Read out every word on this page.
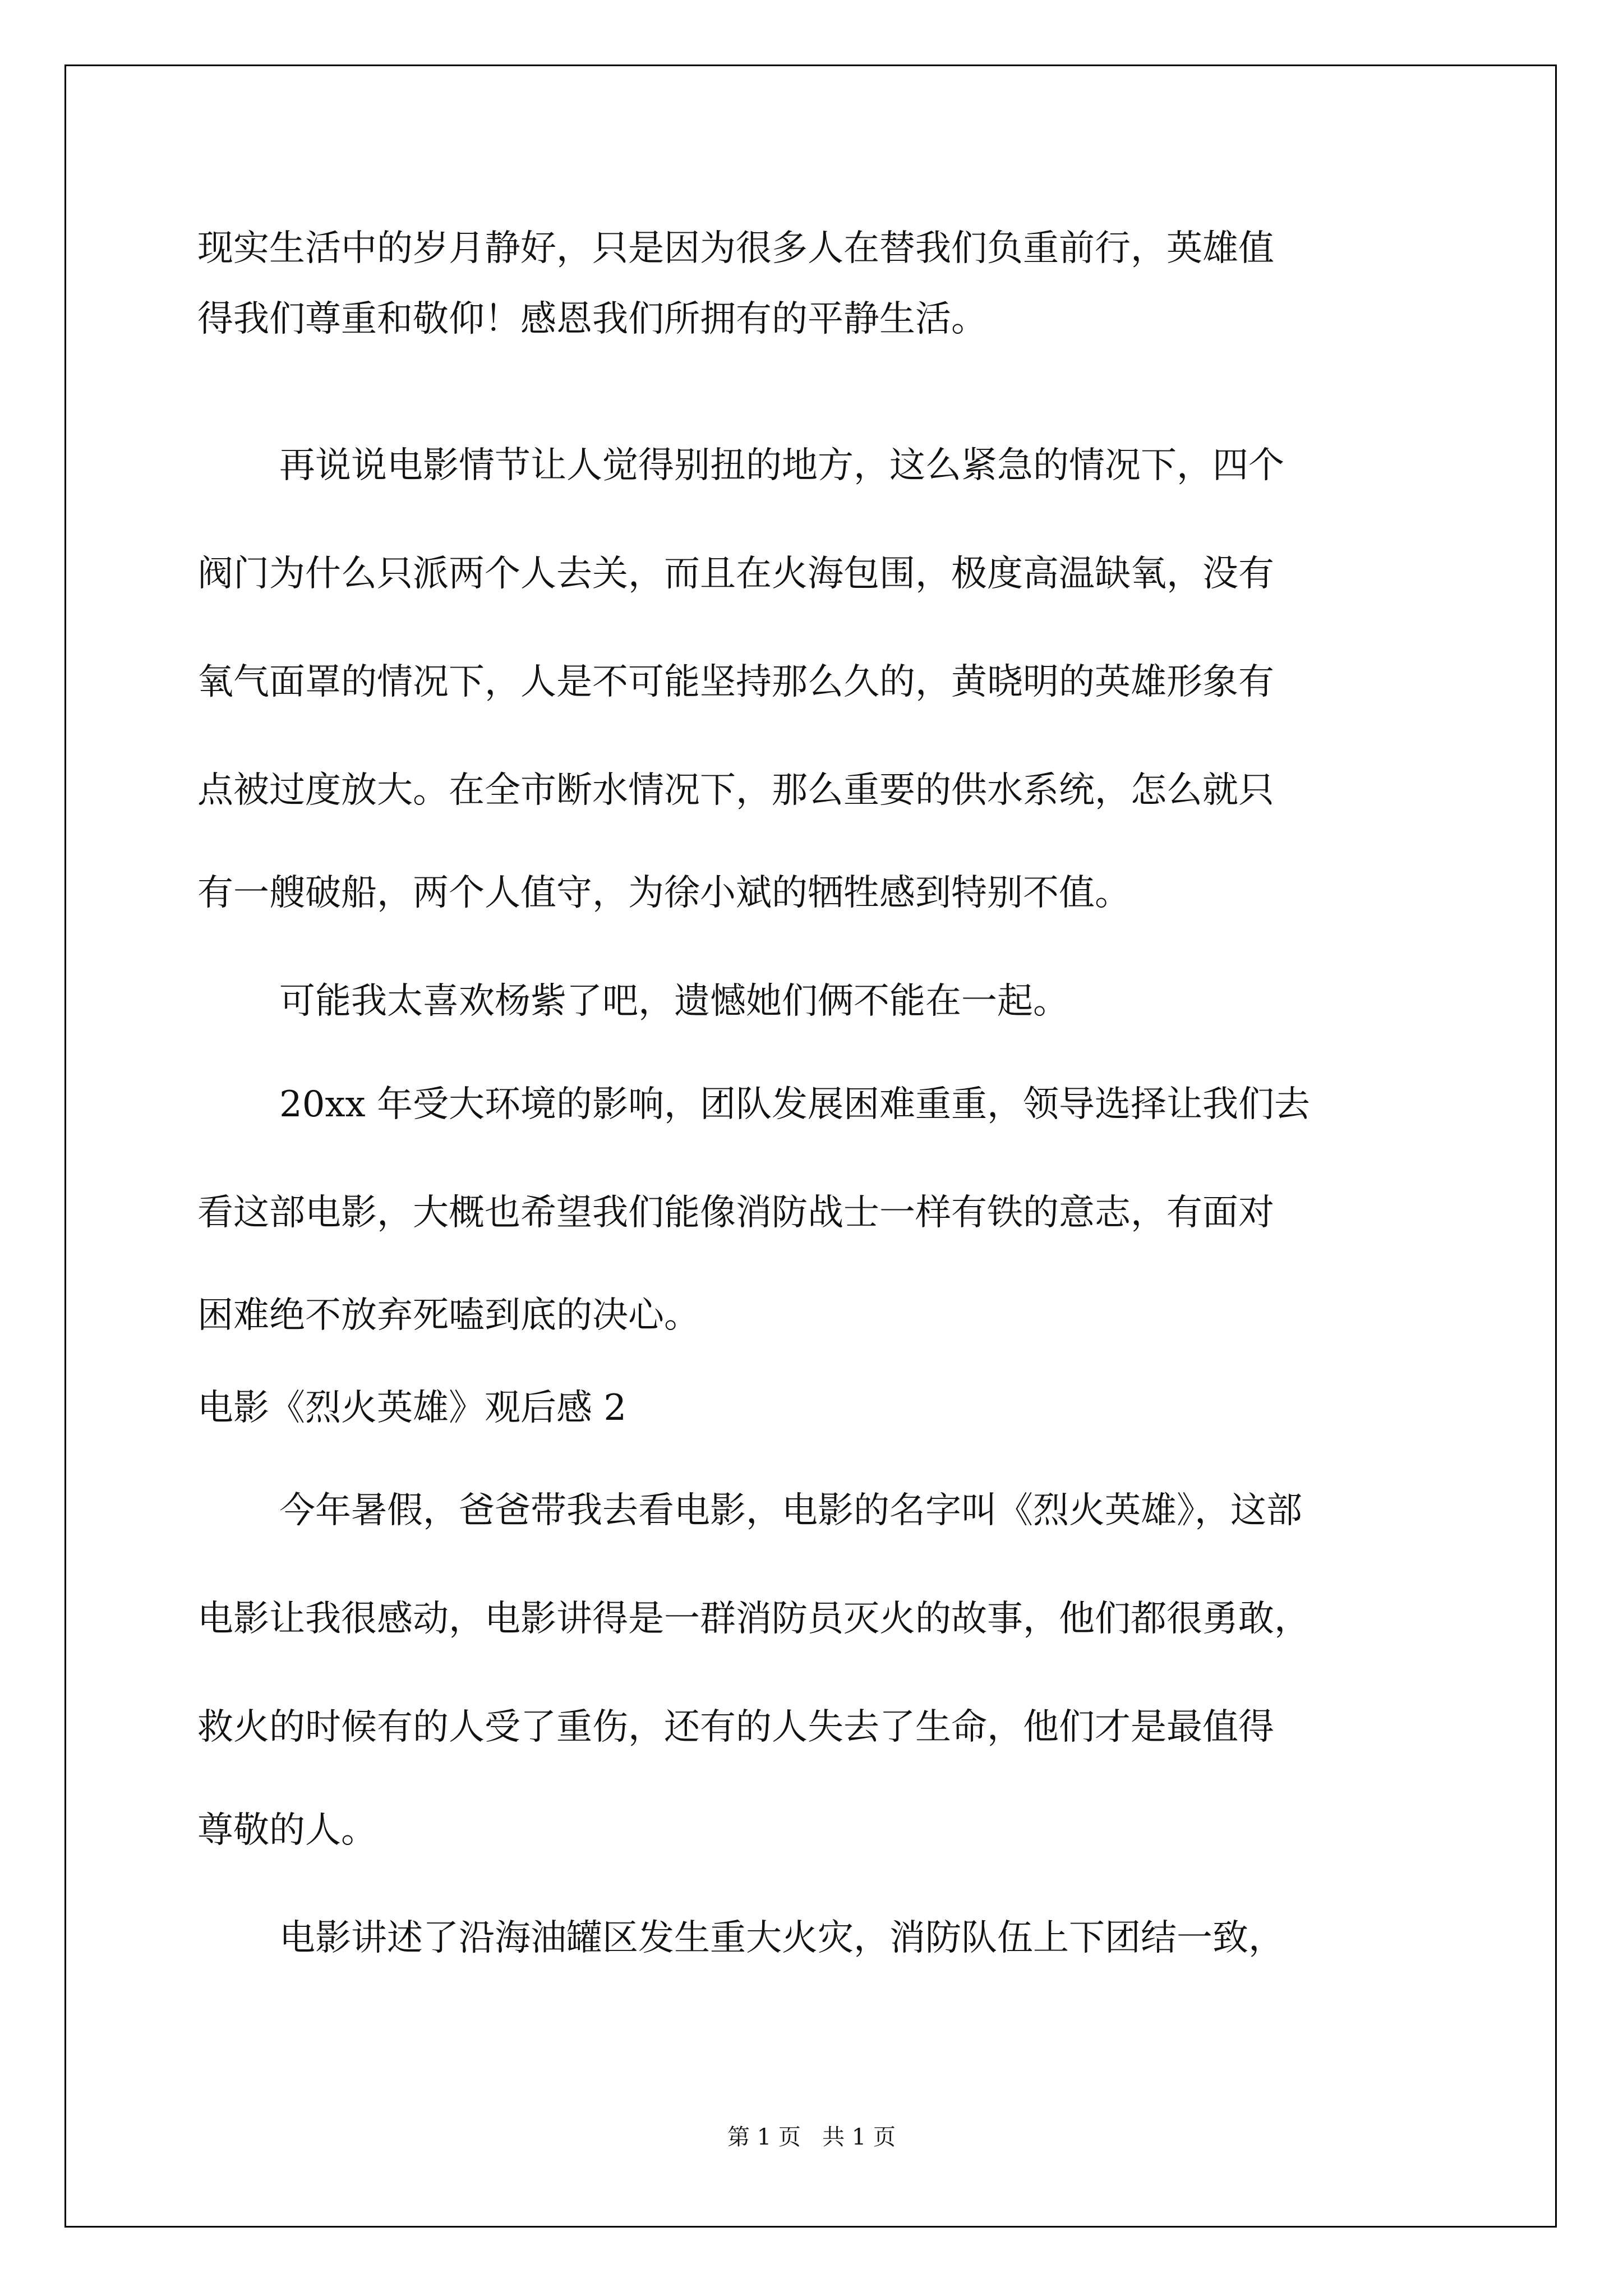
现实生活中的岁月静好，只是因为很多人在替我们负重前行，英雄值
得我们尊重和敬仰！感恩我们所拥有的平静生活。
再说说电影情节让人觉得别扭的地方，这么紧急的情况下，四个
阀门为什么只派两个人去关，而且在火海包围，极度高温缺氧，没有
氧气面罩的情况下，人是不可能坚持那么久的，黄晓明的英雄形象有
点被过度放大。在全市断水情况下，那么重要的供水系统，怎么就只
有一艘破船，两个人值守，为徐小斌的牺牲感到特别不值。
可能我太喜欢杨紫了吧，遗憾她们俩不能在一起。
20xx 年受大环境的影响，团队发展困难重重，领导选择让我们去
看这部电影，大概也希望我们能像消防战士一样有铁的意志，有面对
困难绝不放弃死嗑到底的决心。
电影《烈火英雄》观后感 2
今年暑假，爸爸带我去看电影，电影的名字叫《烈火英雄》，这部
电影让我很感动，电影讲得是一群消防员灭火的故事，他们都很勇敢，
救火的时候有的人受了重伤，还有的人失去了生命，他们才是最值得
尊敬的人。
电影讲述了沿海油罐区发生重大火灾，消防队伍上下团结一致，
第 1 页   共 1 页
